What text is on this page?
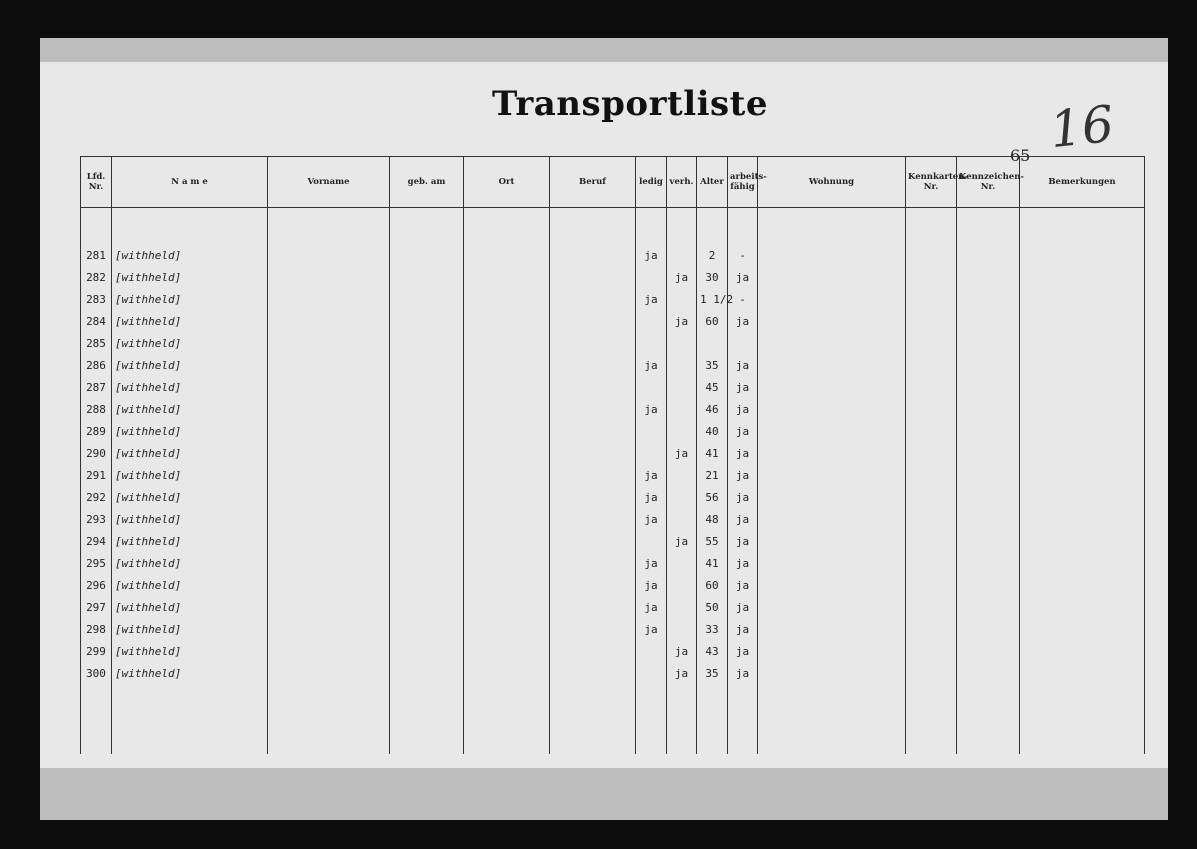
Transportliste
65 16
Lfd. Nr.	N a m e	Vorname	geb. am	Ort	Beruf	ledig	verh.	Alter	arbeits-fähig	Wohnung	Kennkarten-Nr.	Kennzeichen-Nr.	Bemerkungen

281	[withheld]					ja		2	-				
282	[withheld]						ja	30	ja				
283	[withheld]					ja		1 1/2	-				
284	[withheld]						ja	60	ja				
285	[withheld]												
286	[withheld]					ja		35	ja				
287	[withheld]							45	ja				
288	[withheld]					ja		46	ja				
289	[withheld]							40	ja				
290	[withheld]						ja	41	ja				
291	[withheld]					ja		21	ja				
292	[withheld]					ja		56	ja				
293	[withheld]					ja		48	ja				
294	[withheld]						ja	55	ja				
295	[withheld]					ja		41	ja				
296	[withheld]					ja		60	ja				
297	[withheld]					ja		50	ja				
298	[withheld]					ja		33	ja				
299	[withheld]						ja	43	ja				
300	[withheld]						ja	35	ja				
